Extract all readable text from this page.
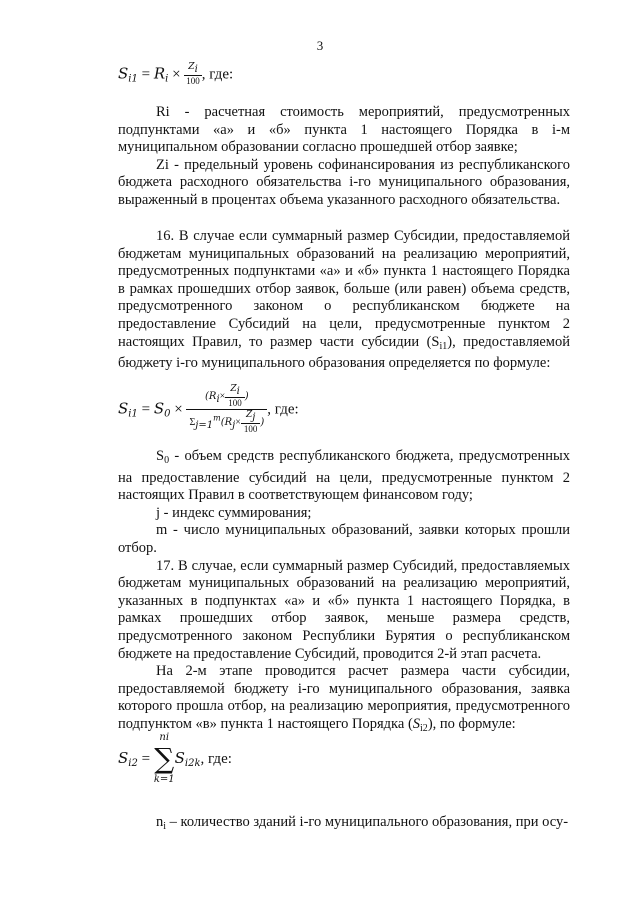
3
$S_{i1} = R_i \times \frac{Zi}{100}$ , где:

Ri - расчетная стоимость мероприятий, предусмотренных подпунктами «а» и «б» пункта 1 настоящего Порядка в i-м муниципальном образовании согласно прошедшей отбор заявке;

Zi - предельный уровень софинансирования из республиканского бюджета расходного обязательства i-го муниципального образования, выраженный в процентах объема указанного расходного обязательства.

16. В случае если суммарный размер Субсидии, предоставляемой бюджетам муниципальных образований на реализацию мероприятий, предусмотренных подпунктами «а» и «б» пункта 1 настоящего Порядка в рамках прошедших отбор заявок, больше (или равен) объема средств, предусмотренного законом о республиканском бюджете на предоставление Субсидий на цели, предусмотренные пунктом 2 настоящих Правил, то размер части субсидии $(S_{i1})$, предоставляемой бюджету i-го муниципального образования определяется по формуле:

$S_{i1} = S_0 \times \frac{(Ri\times \frac{Zi}{100} )}{\Sigma j=1^m(Rj\times \frac{Zj}{100} )}$ , где:

$S_0$ - объем средств республиканского бюджета, предусмотренных на предоставление субсидий на цели, предусмотренные пунктом 2 настоящих Правил в соответствующем финансовом году;

j - индекс суммирования;

m - число муниципальных образований, заявки которых прошли отбор.

17. В случае, если суммарный размер Субсидий, предоставляемых бюджетам муниципальных образований на реализацию мероприятий, указанных в подпунктах «а» и «б» пункта 1 настоящего Порядка, в рамках прошедших отбор заявок, меньше размера средств, предусмотренного законом Республики Бурятия о республиканском бюджете на предоставление Субсидий, проводится 2-й этап расчета.

На 2-м этапе проводится расчет размера части субсидии, предоставляемой бюджету i-го муниципального образования, заявка которого прошла отбор, на реализацию мероприятия, предусмотренного подпунктом «в» пункта 1 настоящего Порядка $(S_{i2})$, по формуле:

$S_{i2}$ =
ni
∑
k=1
$S_{i2k}$, где:

$n_i$ – количество зданий i-го муниципального образования, при осу-
